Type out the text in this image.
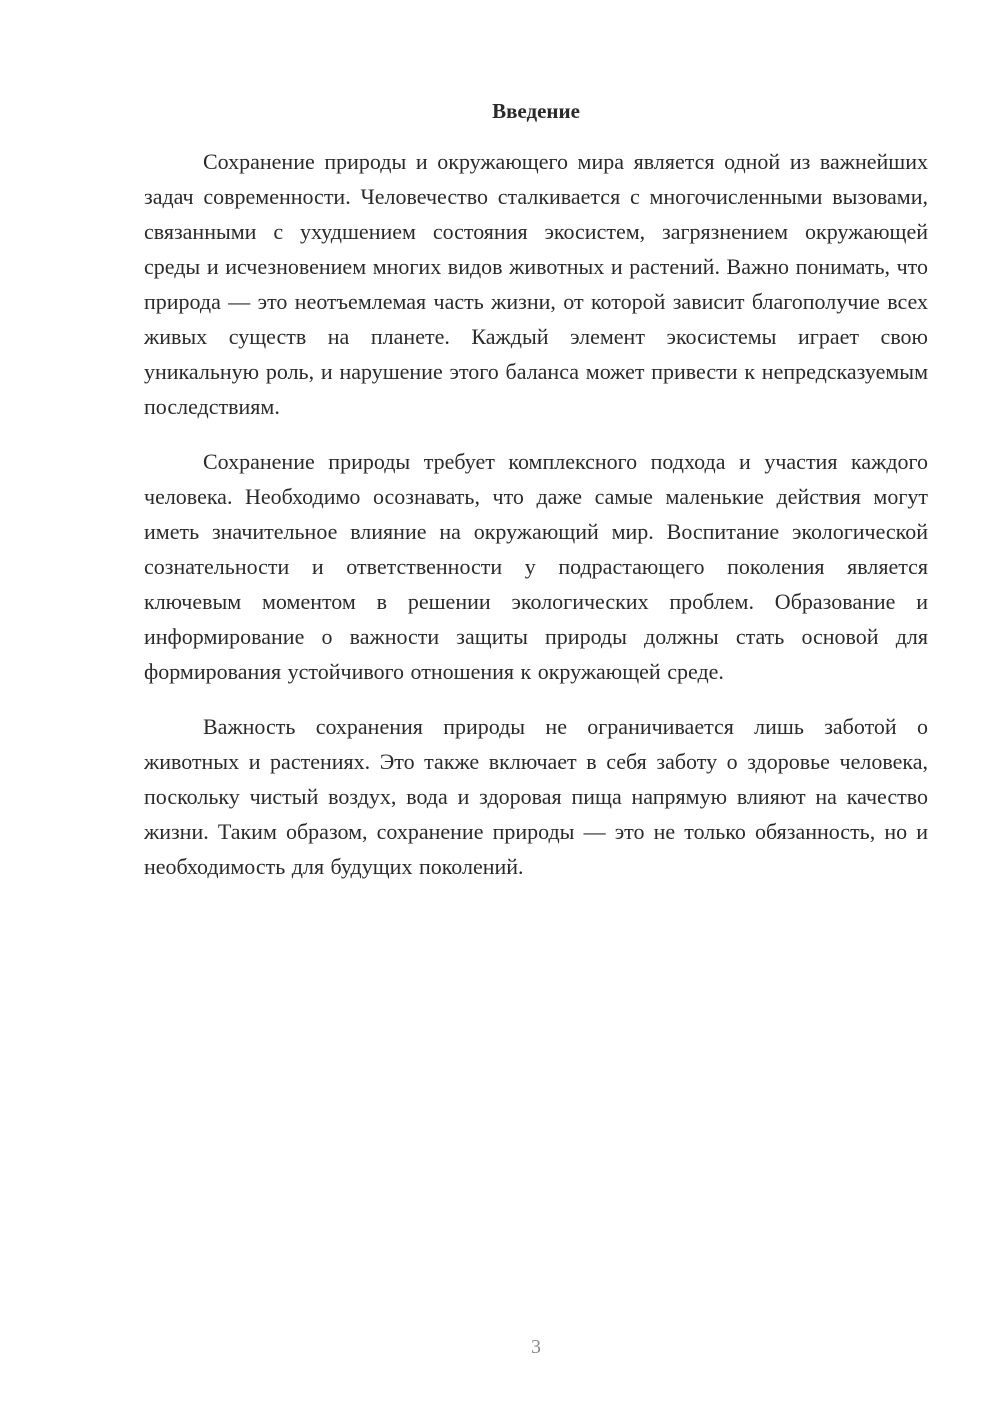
Введение

Сохранение природы и окружающего мира является одной из важнейших задач современности. Человечество сталкивается с многочисленными вызовами, связанными с ухудшением состояния экосистем, загрязнением окружающей среды и исчезновением многих видов животных и растений. Важно понимать, что природа — это неотъемлемая часть жизни, от которой зависит благополучие всех живых существ на планете. Каждый элемент экосистемы играет свою уникальную роль, и нарушение этого баланса может привести к непредсказуемым последствиям.

Сохранение природы требует комплексного подхода и участия каждого человека. Необходимо осознавать, что даже самые маленькие действия могут иметь значительное влияние на окружающий мир. Воспитание экологической сознательности и ответственности у подрастающего поколения является ключевым моментом в решении экологических проблем. Образование и информирование о важности защиты природы должны стать основой для формирования устойчивого отношения к окружающей среде.

Важность сохранения природы не ограничивается лишь заботой о животных и растениях. Это также включает в себя заботу о здоровье человека, поскольку чистый воздух, вода и здоровая пища напрямую влияют на качество жизни. Таким образом, сохранение природы — это не только обязанность, но и необходимость для будущих поколений.

3
